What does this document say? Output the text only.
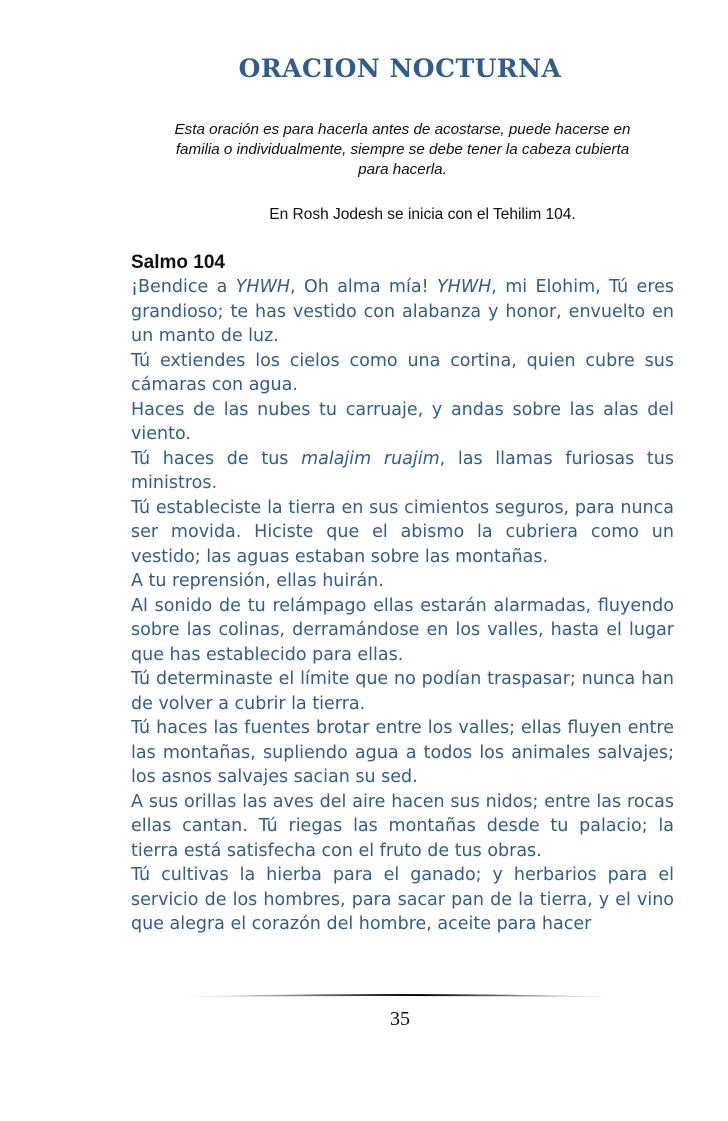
ORACION NOCTURNA
Esta oración es para hacerla antes de acostarse, puede hacerse en
familia o individualmente, siempre se debe tener la cabeza cubierta
para hacerla.
En Rosh Jodesh se inicia con el Tehilim 104.
Salmo 104

¡Bendice a YHWH, Oh alma mía! YHWH, mi Elohim, Tú eres grandioso; te has vestido con alabanza y honor, envuelto en un manto de luz.

Tú extiendes los cielos como una cortina, quien cubre sus cámaras con agua.

Haces de las nubes tu carruaje, y andas sobre las alas del viento.

Tú haces de tus malajim ruajim, las llamas furiosas tus ministros.

Tú estableciste la tierra en sus cimientos seguros, para nunca ser movida. Hiciste que el abismo la cubriera como un vestido; las aguas estaban sobre las montañas.

A tu reprensión, ellas huirán.

Al sonido de tu relámpago ellas estarán alarmadas, fluyendo sobre las colinas, derramándose en los valles, hasta el lugar que has establecido para ellas.

Tú determinaste el límite que no podían traspasar; nunca han de volver a cubrir la tierra.

Tú haces las fuentes brotar entre los valles; ellas fluyen entre las montañas, supliendo agua a todos los animales salvajes; los asnos salvajes sacian su sed.

A sus orillas las aves del aire hacen sus nidos; entre las rocas ellas cantan. Tú riegas las montañas desde tu palacio; la tierra está satisfecha con el fruto de tus obras.

Tú cultivas la hierba para el ganado; y herbarios para el servicio de los hombres, para sacar pan de la tierra, y el vino que alegra el corazón del hombre, aceite para hacer

35
